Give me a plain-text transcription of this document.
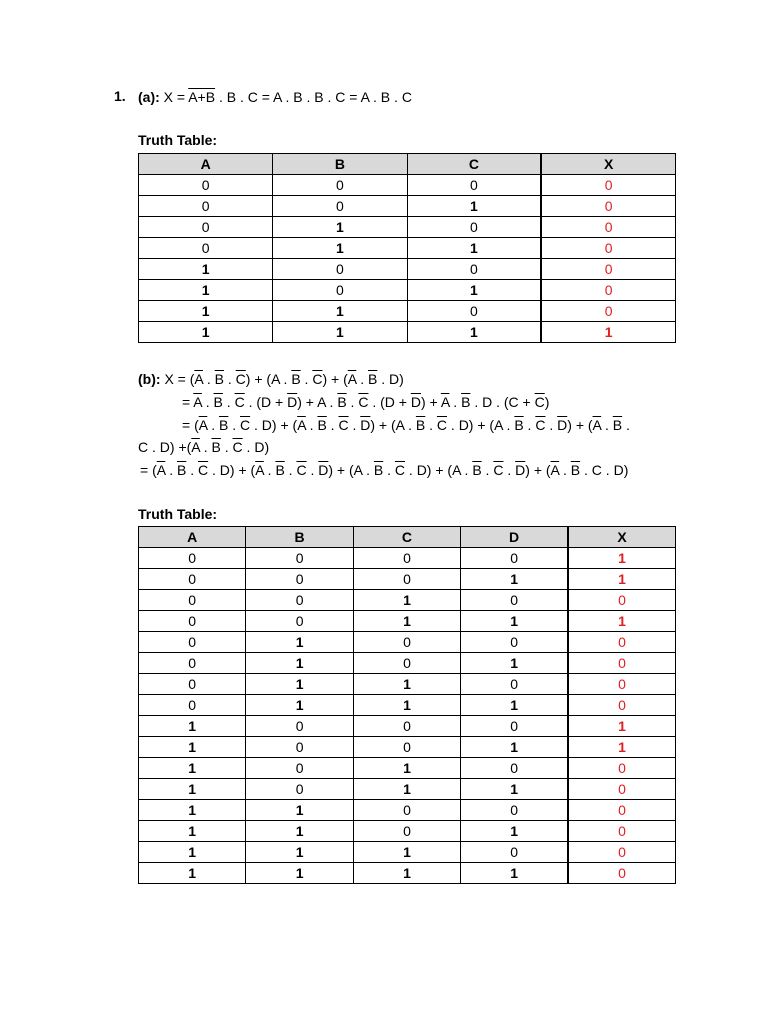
1. (a): X = A+B . B . C = A . B . B . C = A . B . C
Truth Table:
A	B	C	X
0	0	0	0
0	0	1	0
0	1	0	0
0	1	1	0
1	0	0	0
1	0	1	0
1	1	0	0
1	1	1	1
(b): $X = (\overline{A}$ . $\overline{B}$ . $\overline{C}) + (A$ . $\overline{B}$ . $\overline{C}) + (\overline{A}$ . $\overline{B}$ . D)
= $\overline{A}$ . $\overline{B}$ . $\overline{C}$ . $(D + \overline{D}) + A$ . $\overline{B}$ . $\overline{C}$ . $(D + \overline{D}) + \overline{A}$ . $\overline{B}$ . D . $(C + \overline{C})$
= ($\overline{A}$ . $\overline{B}$ . $\overline{C}$ . $D) + (\overline{A}$ . $\overline{B}$ . $\overline{C}$ . $\overline{D}) + (A$ . $\overline{B}$ . $\overline{C}$ . D) + (A . $\overline{B}$ . $\overline{C}$ . $\overline{D}) + (\overline{A}$ . $\overline{B}$ .
C . $D) +(\overline{A}$ . $\overline{B}$ . $\overline{C}$ . D)
= ($\overline{A}$ . $\overline{B}$ . $\overline{C}$ . $D) + (\overline{A}$ . $\overline{B}$ . $\overline{C}$ . $\overline{D}) + (A$ . $\overline{B}$ . $\overline{C}$ . D) + (A . $\overline{B}$ . $\overline{C}$ . $\overline{D}) + (\overline{A}$ . $\overline{B}$ . C . D)
Truth Table:
A	B	C	D	X
0	0	0	0	1
0	0	0	1	1
0	0	1	0	0
0	0	1	1	1
0	1	0	0	0
0	1	0	1	0
0	1	1	0	0
0	1	1	1	0
1	0	0	0	1
1	0	0	1	1
1	0	1	0	0
1	0	1	1	0
1	1	0	0	0
1	1	0	1	0
1	1	1	0	0
1	1	1	1	0
